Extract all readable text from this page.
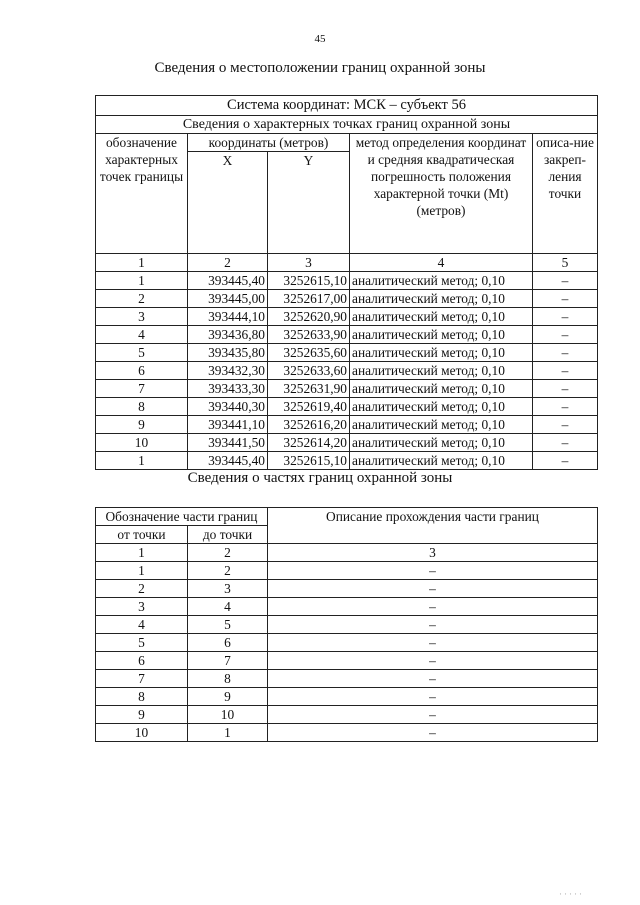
45
Сведения о местоположении границ охранной зоны
Система координат: МСК – субъект 56				
Сведения о характерных точках границ охранной зоны				
обозначение характерных точек границы	координаты (метров)		метод определения координат и средняя квадратическая погрешность положения характерной точки (Mt) (метров)	описа-ние закреп-ления точки
	X	Y		
1	2	3	4	5
1	393445,40	3252615,10	аналитический метод; 0,10	–
2	393445,00	3252617,00	аналитический метод; 0,10	–
3	393444,10	3252620,90	аналитический метод; 0,10	–
4	393436,80	3252633,90	аналитический метод; 0,10	–
5	393435,80	3252635,60	аналитический метод; 0,10	–
6	393432,30	3252633,60	аналитический метод; 0,10	–
7	393433,30	3252631,90	аналитический метод; 0,10	–
8	393440,30	3252619,40	аналитический метод; 0,10	–
9	393441,10	3252616,20	аналитический метод; 0,10	–
10	393441,50	3252614,20	аналитический метод; 0,10	–
1	393445,40	3252615,10	аналитический метод; 0,10	–
Сведения о частях границ охранной зоны
Обозначение части границ		Описание прохождения части границ
от точки	до точки	
1	2	3
1	2	–
2	3	–
3	4	–
4	5	–
5	6	–
6	7	–
7	8	–
8	9	–
9	10	–
10	1	–
·····
